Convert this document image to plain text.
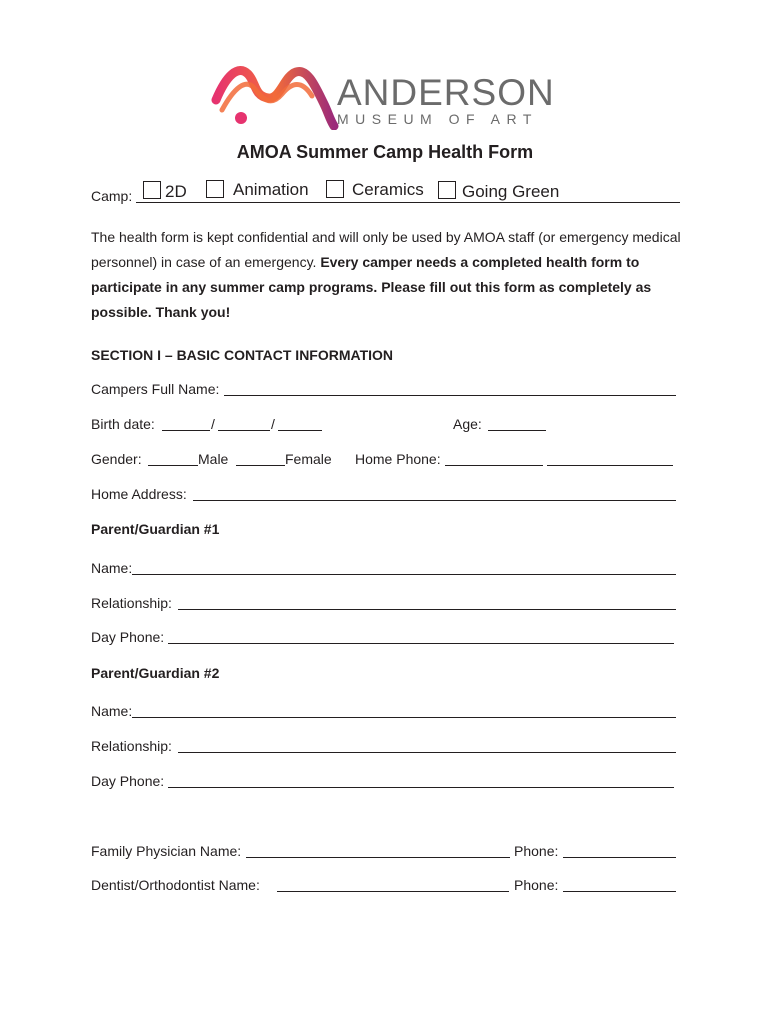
ANDERSON
MUSEUM OF ART
AMOA Summer Camp Health Form
Camp: 2D	Animation	Ceramics Going Green
The health form is kept confidential and will only be used by AMOA staff (or emergency medical personnel) in case of an emergency. Every camper needs a completed health form to participate in any summer camp programs. Please fill out this form as completely as possible. Thank you!
SECTION I – BASIC CONTACT INFORMATION
Campers Full Name:
Birth date:	/	/	Age:
Gender:	Male	Female Home Phone:
Home Address:
Parent/Guardian #1
Name:
Relationship:
Day Phone:
Parent/Guardian #2
Name:
Relationship:
Day Phone:
Family Physician Name:	Phone:
Dentist/Orthodontist Name:	Phone:
